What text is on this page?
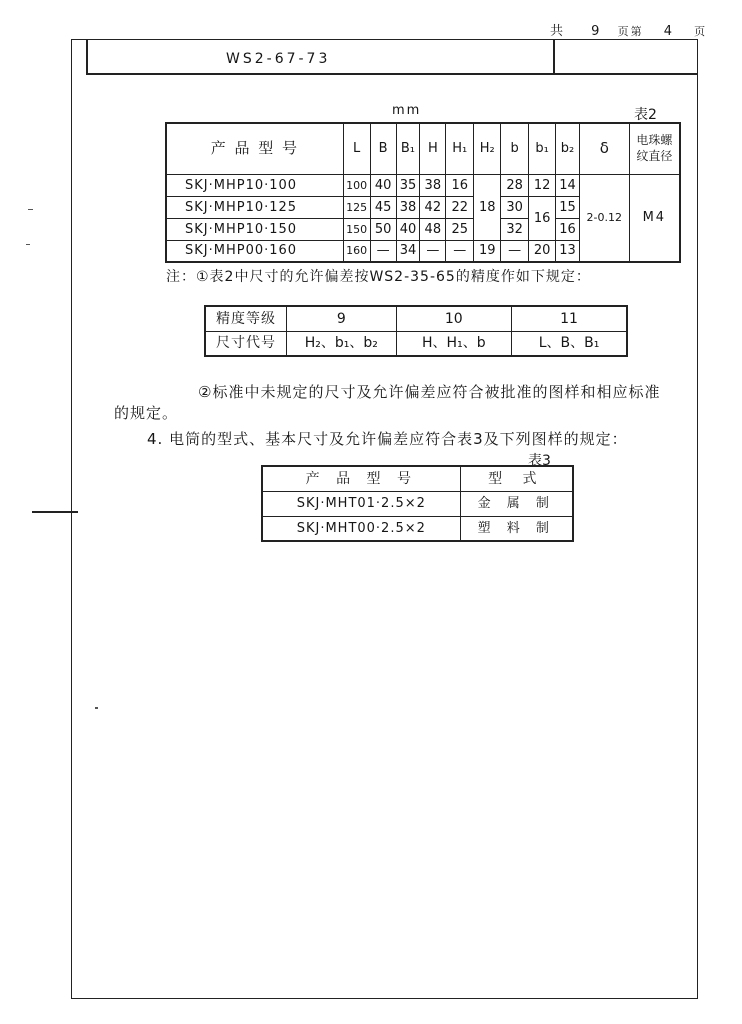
共 9 页第 4 页
WS2-67-73
mm	表2
产 品 型 号	L	B	B₁	H	H₁	H₂	b	b₁	b₂	δ	电珠螺纹直径
SKJ·MHP10·100	100	40	35	38	16	18	28	12	14	2-0.12	M4
SKJ·MHP10·125	125	45	38	42	22		30	16	15		
SKJ·MHP10·150	150	50	40	48	25		32		16		
SKJ·MHP00·160	160	—	34	—	—	19	—	20	13		
注：①表2中尺寸的允许偏差按WS2-35-65的精度作如下规定：
精度等级	9	10	11
尺寸代号	H₂、b₁、b₂	H、H₁、b	L、B、B₁
②标准中未规定的尺寸及允许偏差应符合被批准的图样和相应标准
的规定。
4. 电筒的型式、基本尺寸及允许偏差应符合表3及下列图样的规定：
表3
产 品 型 号	型 式
SKJ·MHT01·2.5×2	金 属 制
SKJ·MHT00·2.5×2	塑 料 制
